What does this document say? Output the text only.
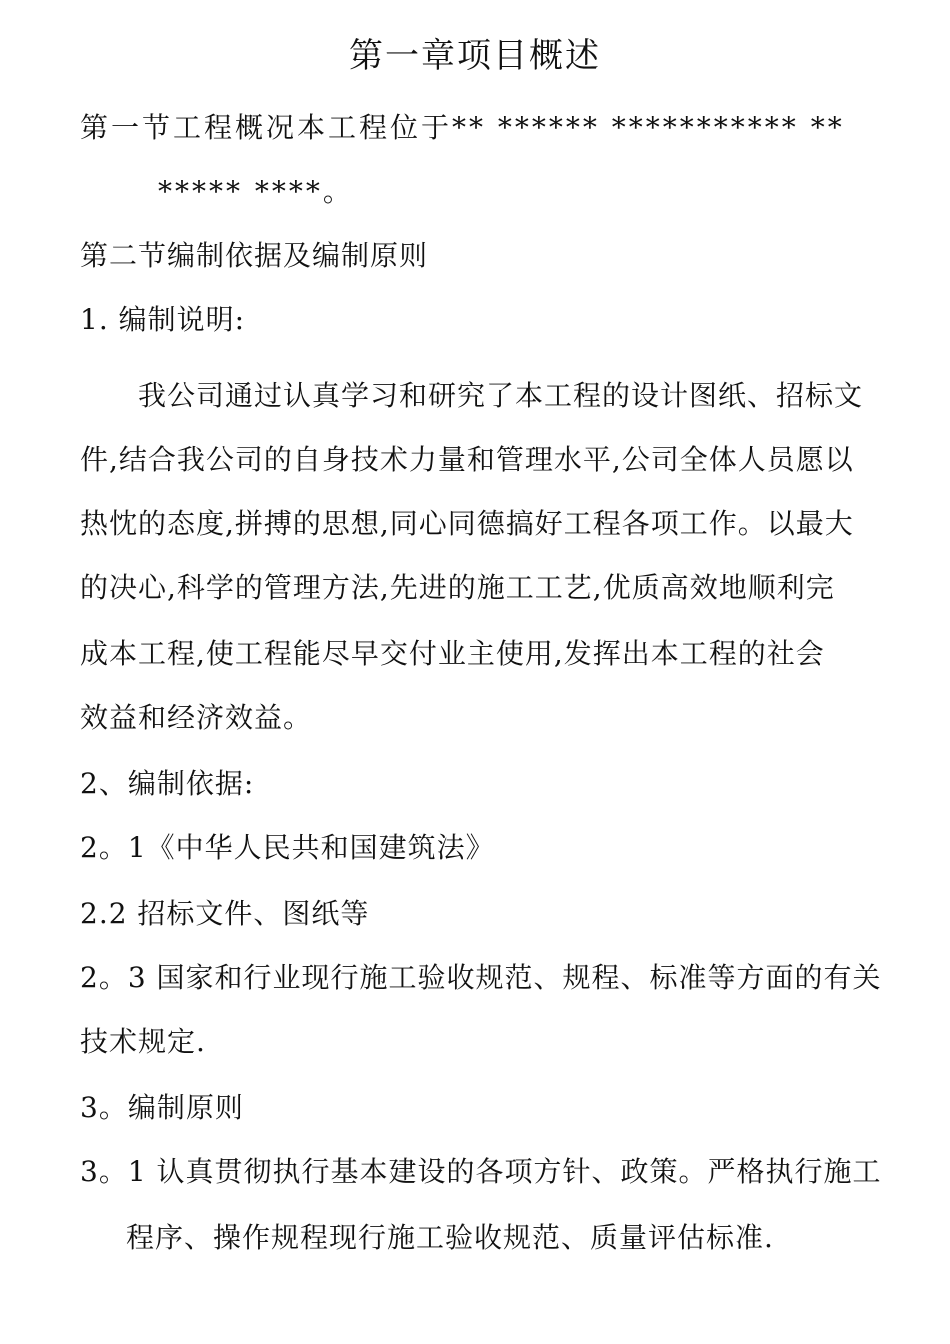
第一章项目概述
第一节工程概况本工程位于** ****** *********** **
***** ****。
第二节编制依据及编制原则
1. 编制说明:
我公司通过认真学习和研究了本工程的设计图纸、招标文
件,结合我公司的自身技术力量和管理水平,公司全体人员愿以
热忱的态度,拼搏的思想,同心同德搞好工程各项工作。以最大
的决心,科学的管理方法,先进的施工工艺,优质高效地顺利完
成本工程,使工程能尽早交付业主使用,发挥出本工程的社会
效益和经济效益。
2、编制依据:
2。1《中华人民共和国建筑法》
2.2 招标文件、图纸等
2。3 国家和行业现行施工验收规范、规程、标准等方面的有关
技术规定.
3。编制原则
3。1 认真贯彻执行基本建设的各项方针、政策。严格执行施工
程序、操作规程现行施工验收规范、质量评估标准.
